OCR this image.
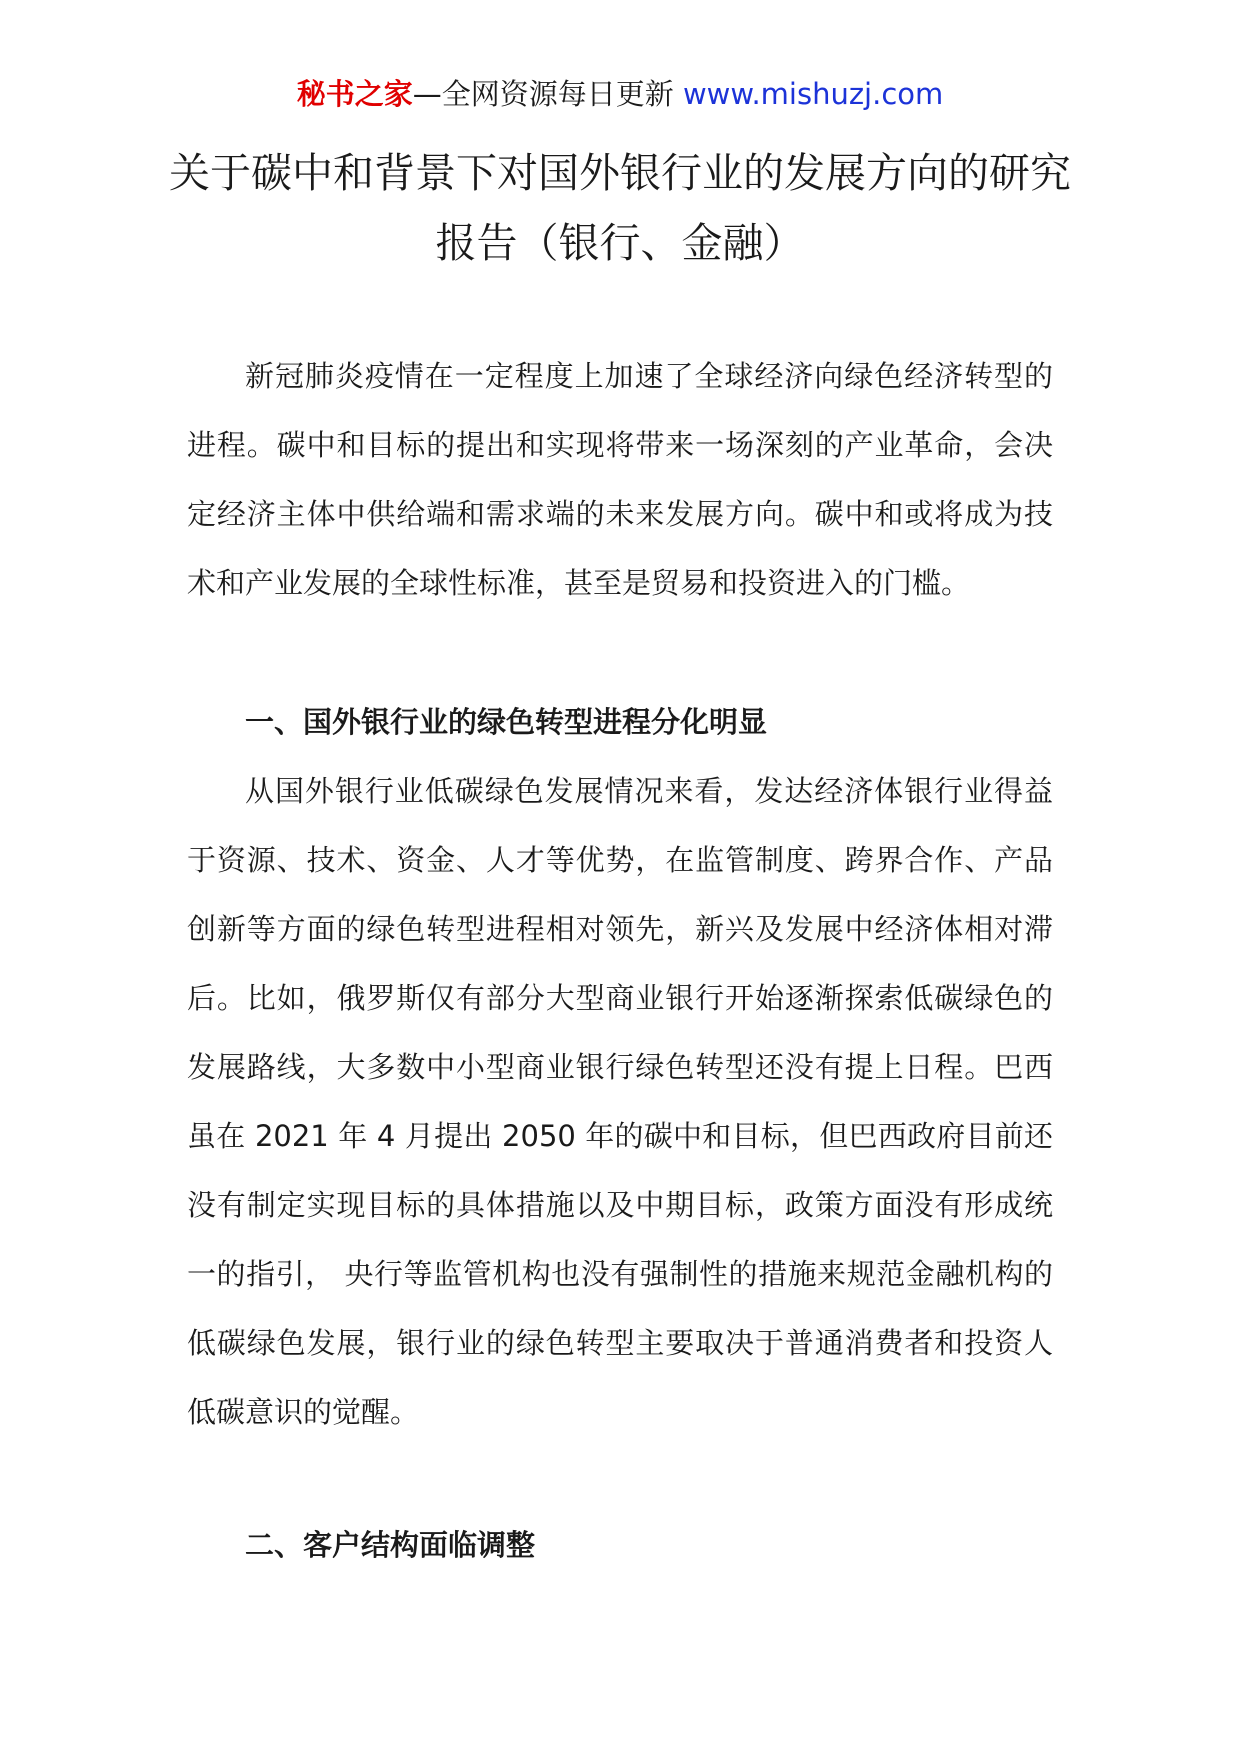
秘书之家—全网资源每日更新 www.mishuzj.com
关于碳中和背景下对国外银行业的发展方向的研究报告（银行、金融）

新冠肺炎疫情在一定程度上加速了全球经济向绿色经济转型的进程。碳中和目标的提出和实现将带来一场深刻的产业革命，会决定经济主体中供给端和需求端的未来发展方向。碳中和或将成为技术和产业发展的全球性标准，甚至是贸易和投资进入的门槛。

一、国外银行业的绿色转型进程分化明显

从国外银行业低碳绿色发展情况来看，发达经济体银行业得益于资源、技术、资金、人才等优势，在监管制度、跨界合作、产品创新等方面的绿色转型进程相对领先，新兴及发展中经济体相对滞后。比如，俄罗斯仅有部分大型商业银行开始逐渐探索低碳绿色的发展路线，大多数中小型商业银行绿色转型还没有提上日程。巴西虽在 2021 年 4 月提出 2050 年的碳中和目标，但巴西政府目前还没有制定实现目标的具体措施以及中期目标，政策方面没有形成统一的指引， 央行等监管机构也没有强制性的措施来规范金融机构的低碳绿色发展，银行业的绿色转型主要取决于普通消费者和投资人低碳意识的觉醒。

二、客户结构面临调整
